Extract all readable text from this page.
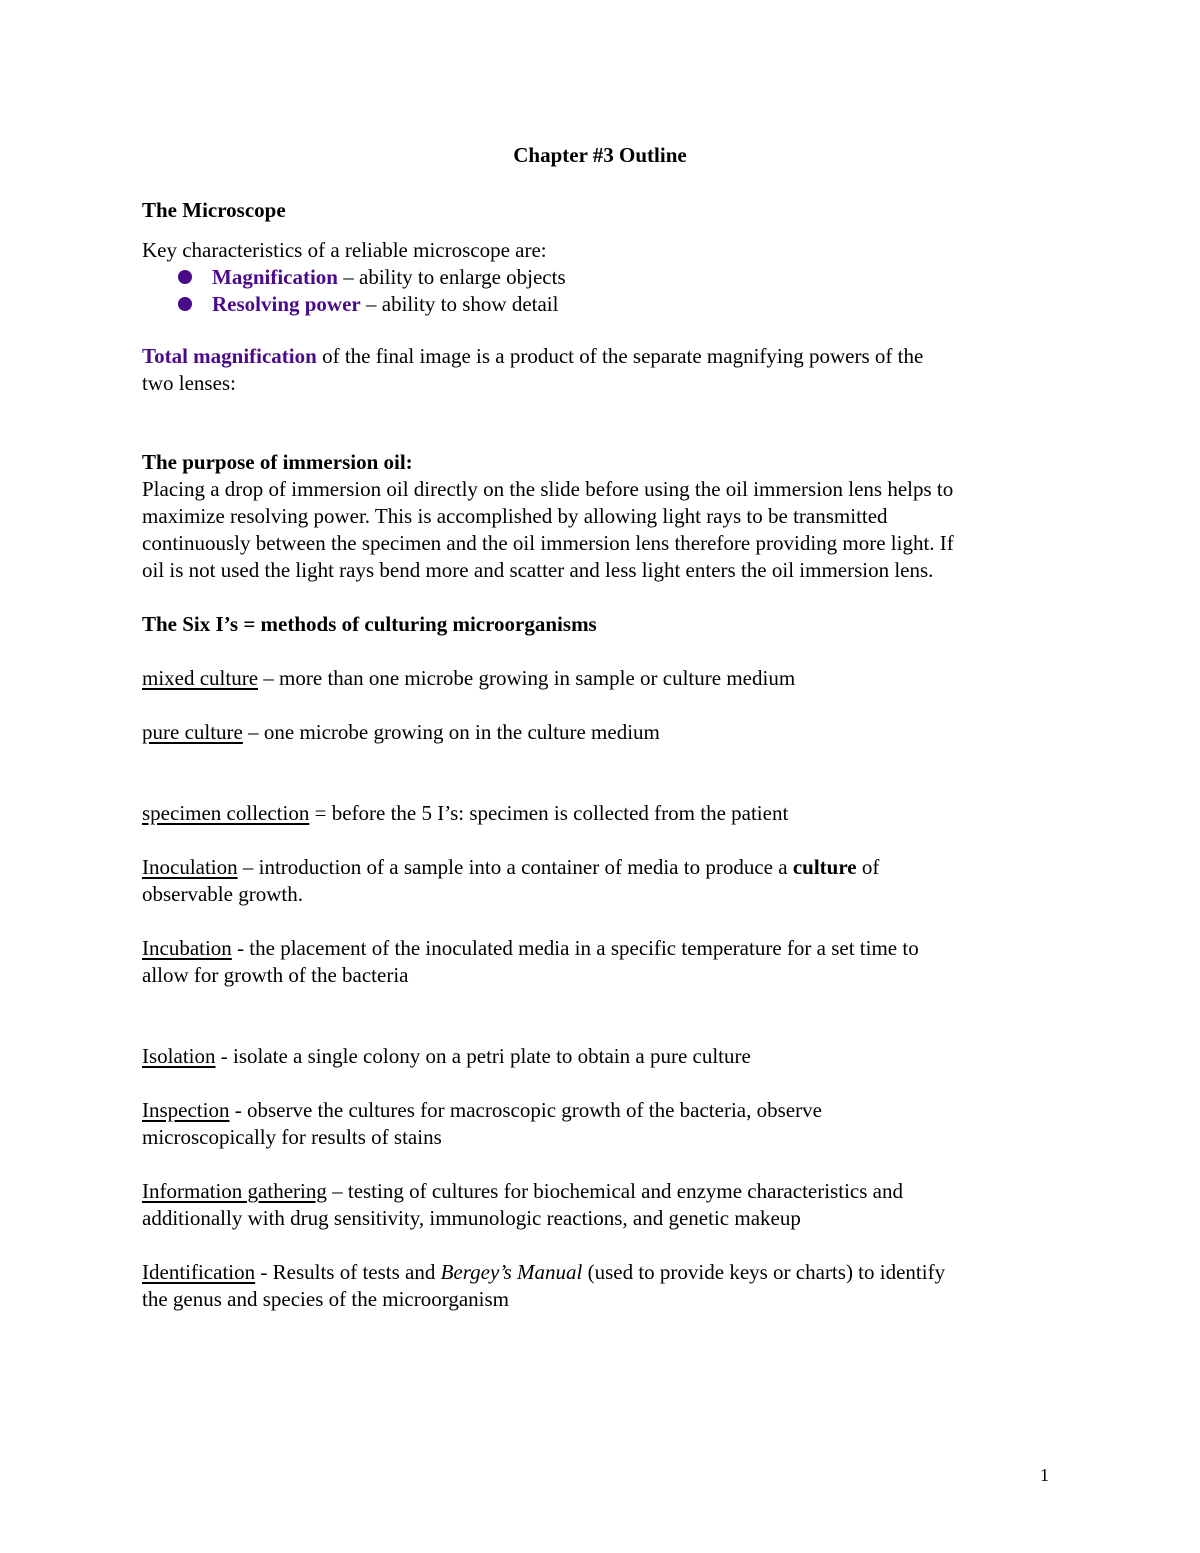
Chapter #3 Outline
The Microscope
Key characteristics of a reliable microscope are:
Magnification – ability to enlarge objects
Resolving power – ability to show detail
Total magnification of the final image is a product of the separate magnifying powers of the
two lenses:
The purpose of immersion oil:
Placing a drop of immersion oil directly on the slide before using the oil immersion lens helps to
maximize resolving power. This is accomplished by allowing light rays to be transmitted
continuously between the specimen and the oil immersion lens therefore providing more light. If
oil is not used the light rays bend more and scatter and less light enters the oil immersion lens.
The Six I’s = methods of culturing microorganisms
mixed culture – more than one microbe growing in sample or culture medium
pure culture – one microbe growing on in the culture medium
specimen collection = before the 5 I’s: specimen is collected from the patient
Inoculation – introduction of a sample into a container of media to produce a culture of
observable growth.
Incubation - the placement of the inoculated media in a specific temperature for a set time to
allow for growth of the bacteria
Isolation - isolate a single colony on a petri plate to obtain a pure culture
Inspection - observe the cultures for macroscopic growth of the bacteria, observe
microscopically for results of stains
Information gathering – testing of cultures for biochemical and enzyme characteristics and
additionally with drug sensitivity, immunologic reactions, and genetic makeup
Identification - Results of tests and Bergey’s Manual (used to provide keys or charts) to identify
the genus and species of the microorganism
1
